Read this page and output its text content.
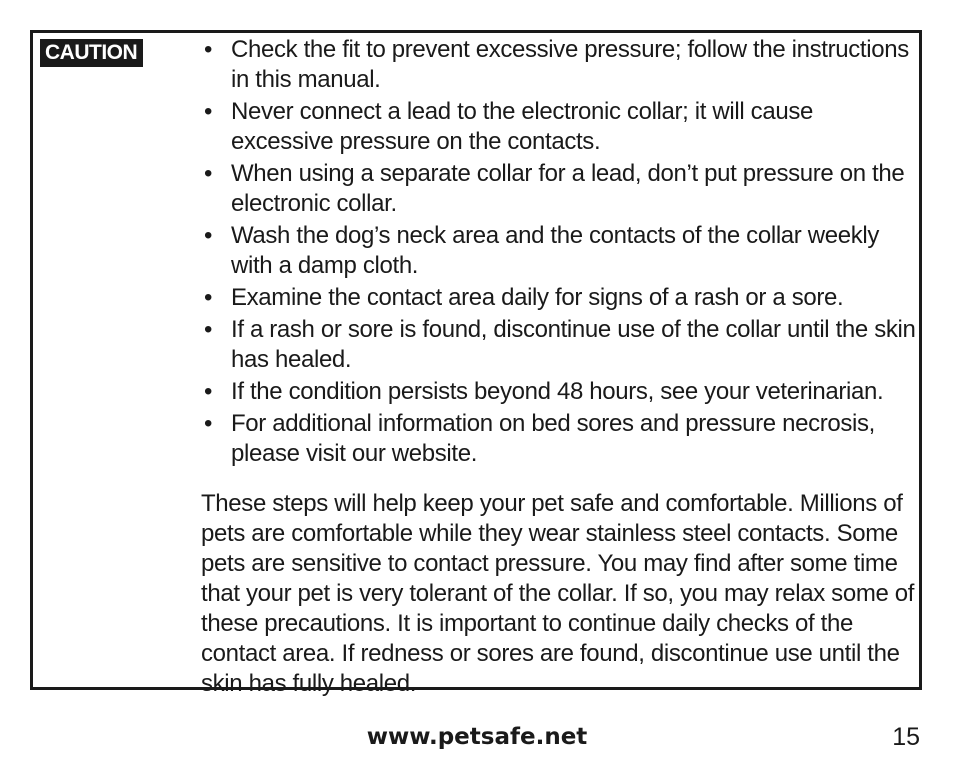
CAUTION	• Check the fit to prevent excessive pressure; follow the instructions in this manual.
• Never connect a lead to the electronic collar; it will cause excessive pressure on the contacts.
• When using a separate collar for a lead, don’t put pressure on the electronic collar.
• Wash the dog’s neck area and the contacts of the collar weekly with a damp cloth.
• Examine the contact area daily for signs of a rash or a sore.
• If a rash or sore is found, discontinue use of the collar until the skin has healed.
• If the condition persists beyond 48 hours, see your veterinarian.
• For additional information on bed sores and pressure necrosis, please visit our website.

These steps will help keep your pet safe and comfortable. Millions of pets are comfortable while they wear stainless steel contacts. Some pets are sensitive to contact pressure. You may find after some time that your pet is very tolerant of the collar. If so, you may relax some of these precautions. It is important to continue daily checks of the contact area. If redness or sores are found, discontinue use until the skin has fully healed.

www.petsafe.net	15
